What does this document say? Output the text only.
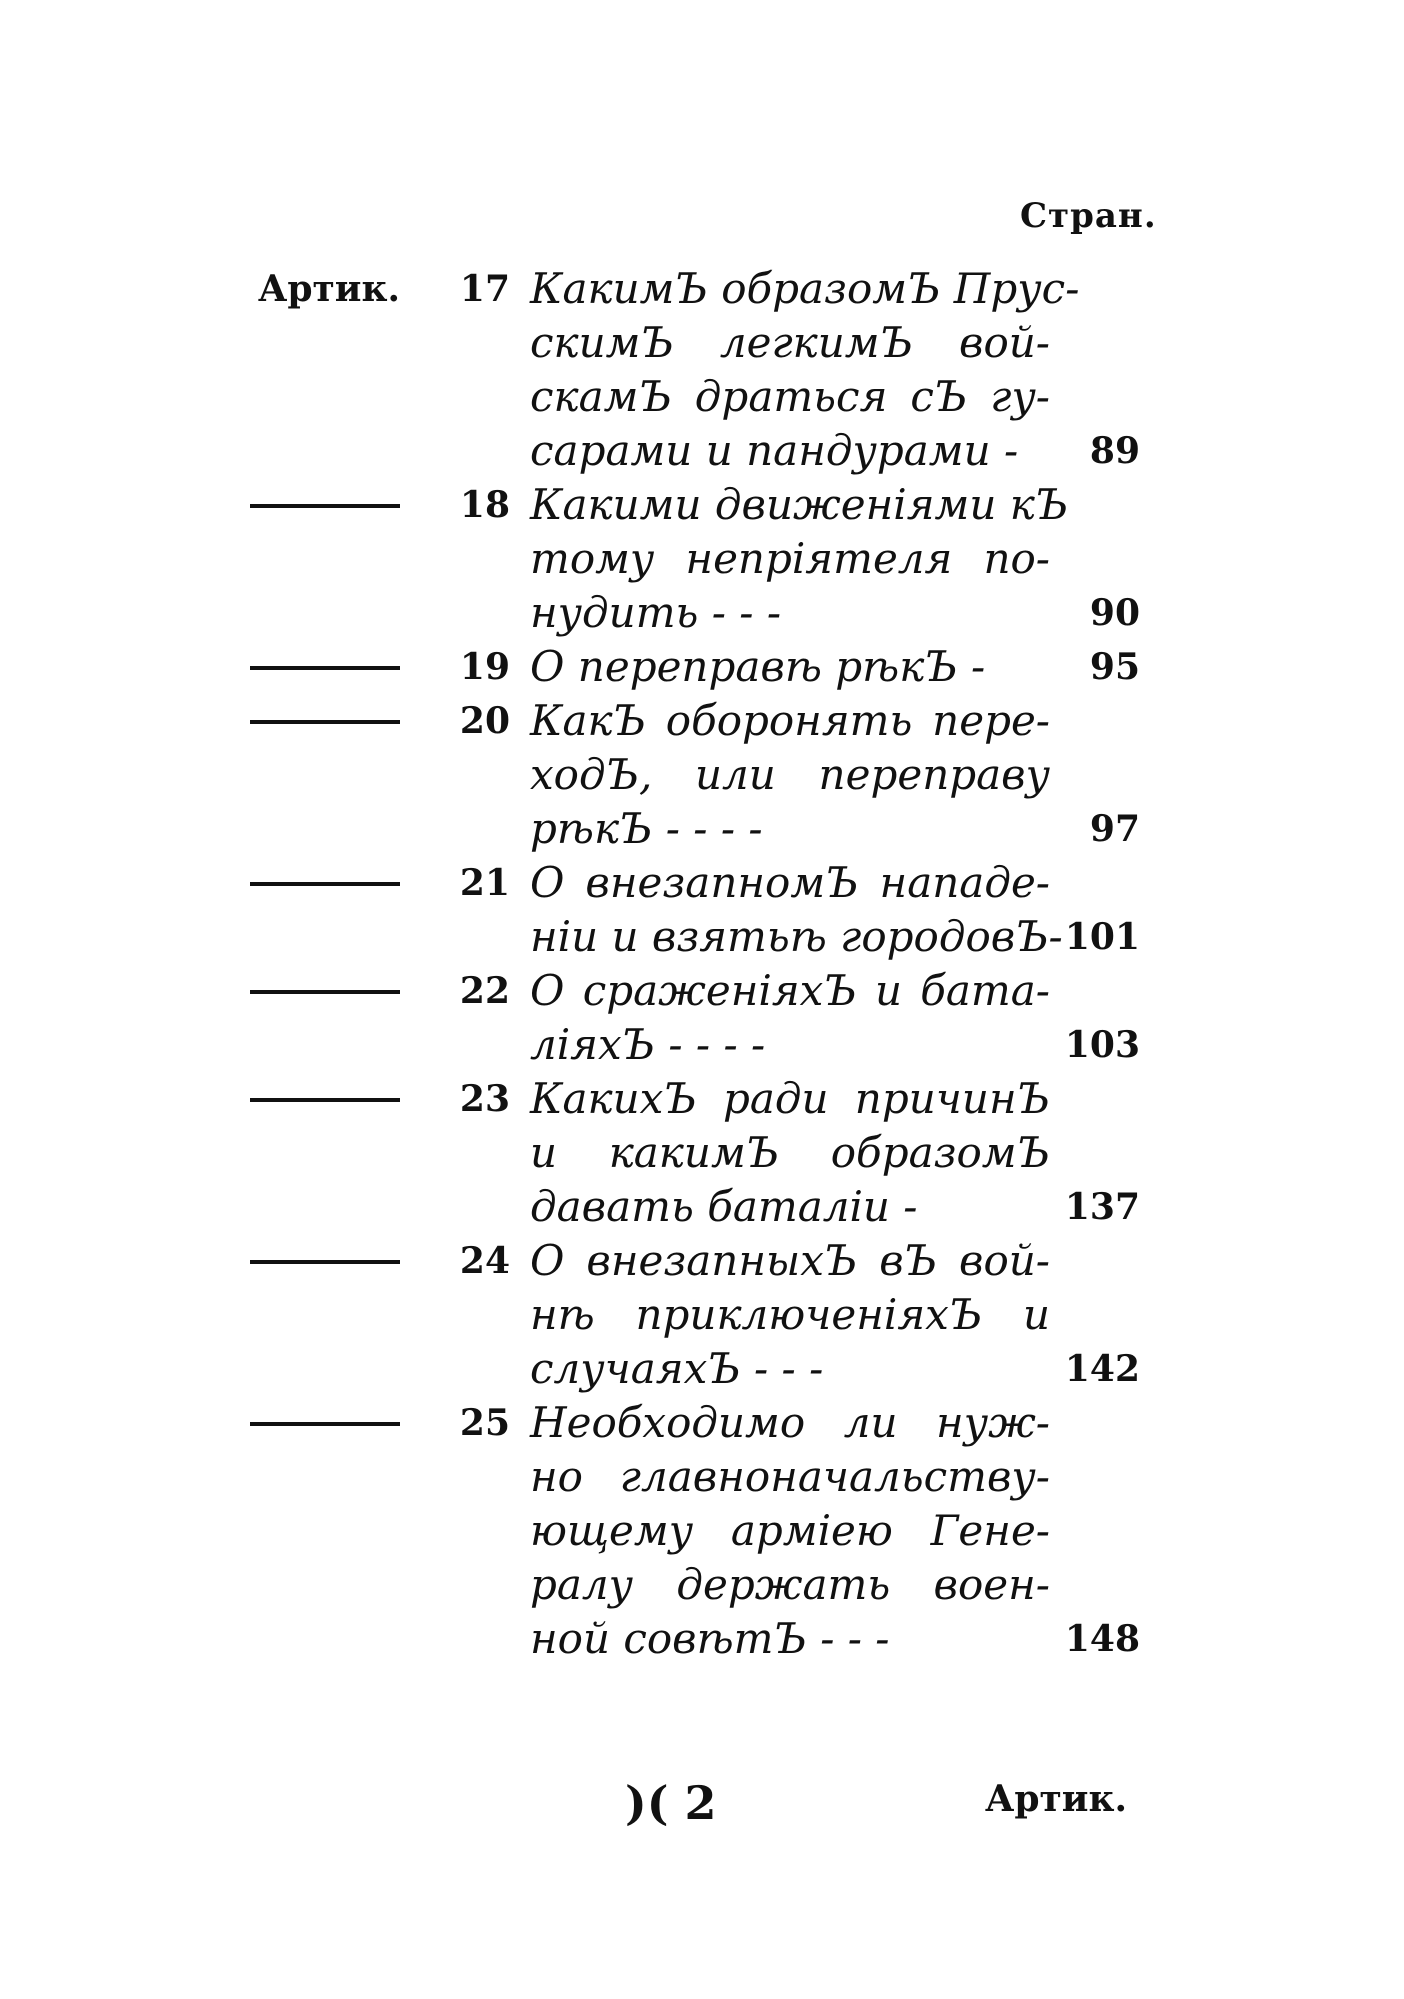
Стран.
Артик.	17 КакимЪ образомЪ Прус-
скимЪ легкимЪ вой-
скамЪ драться сЪ гу-
сарами и пандурами -	89
18 Какими движеніями кЪ
тому непріятеля по-
нудить - - -	90
19 О переправѣ рѣкЪ -	95
20 КакЪ оборонять пере-
ходЪ, или переправу
рѣкЪ - - - -	97
21 О внезапномЪ нападе-
ніи и взятьѣ городовЪ- 101
22 О сраженіяхЪ и бата-
ліяхЪ - - - -	103
23 КакихЪ ради причинЪ
и какимЪ образомЪ
давать баталіи -	137
24 О внезапныхЪ вЪ вой-
нѣ приключеніяхЪ и
случаяхЪ - - -	142
25 Необходимо ли нуж-
но главноначальству-
ющему арміею Гене-
ралу держать воен-
ной совѣтЪ - - -	148
)( 2	Артик.
